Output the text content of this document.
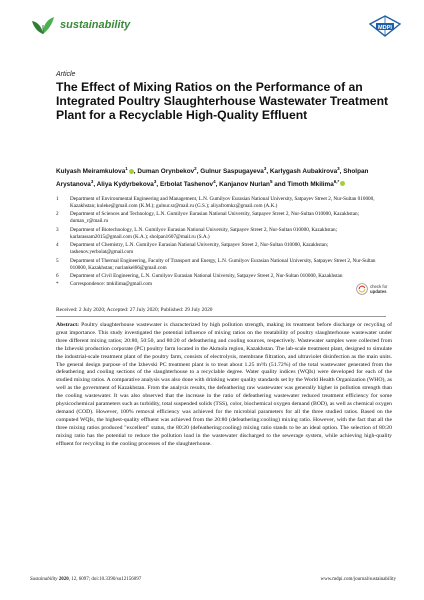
sustainability	MDPI
Article
The Effect of Mixing Ratios on the Performance of an Integrated Poultry Slaughterhouse Wastewater Treatment Plant for a Recyclable High-Quality Effluent
Kulyash Meiramkulova$^1$ , Duman Orynbekov$^2$, Gulnur Saspugayeva$^3$, Karlygash Aubakirova$^3$, Sholpan Arystanova$^3$, Aliya Kydyrbekova$^3$, Erbolat Tashenov$^4$, Kanjanov Nurlan$^5$ and Timoth Mkilima$^{6,*}$
1	Department of Environmental Engineering and Management, L.N. Gumilyov Eurasian National University, Satpayev Street 2, Nur-Sultan 010000, Kazakhstan; kuleke@gmail.com (K.M.); gulnur.sr@mail.ru (G.S.); aliyafromkz@gmail.com (A.K.)
2	Department of Sciences and Technology, L.N. Gumilyov Eurasian National University, Satpayev Street 2, Nur-Sultan 010000, Kazakhstan; duman_r@mail.ru
3	Department of Biotechnology, L.N. Gumilyov Eurasian National University, Satpayev Street 2, Nur-Sultan 010000, Kazakhstan; karlarassam2015@gmail.com (K.A.); sholpan1607@mail.ru (S.A.)
4	Department of Chemistry, L.N. Gumilyov Eurasian National University, Satpayev Street 2, Nur-Sultan 010000, Kazakhstan; tashenov.yerbolat@gmail.com
5	Department of Thermal Engineering, Faculty of Transport and Energy, L.N. Gumilyov Eurasian National University, Satpayev Street 2, Nur-Sultan 010000, Kazakhstan; nurlankel66@gmail.com
6	Department of Civil Engineering, L.N. Gumilyov Eurasian National University, Satpayev Street 2, Nur-Sultan 010000, Kazakhstan
*	Correspondence: tmkilima@gmail.com	check for
updates
Received: 2 July 2020; Accepted: 27 July 2020; Published: 29 July 2020

Abstract: Poultry slaughterhouse wastewater is characterized by high pollution strength, making its treatment before discharge or recycling of great importance. This study investigated the potential influence of mixing ratios on the treatability of poultry slaughterhouse wastewater under three different mixing ratios; 20:80, 50:50, and 80:20 of defeathering and cooling sources, respectively. Wastewater samples were collected from the Izhevski production corporate (PC) poultry farm located in the Akmola region, Kazakhstan. The lab-scale treatment plant, designed to simulate the industrial-scale treatment plant of the poultry farm, consists of electrolysis, membrane filtration, and ultraviolet disinfection as the main units. The general design purpose of the Izhevski PC treatment plant is to treat about 1.25 m³/h (51.72%) of the total wastewater generated from the defeathering and cooling sections of the slaughterhouse to a recyclable degree. Water quality indices (WQIs) were developed for each of the studied mixing ratios. A comparative analysis was also done with drinking water quality standards set by the World Health Organization (WHO), as well as the government of Kazakhstan. From the analysis results, the defeathering raw wastewater was generally higher in pollution strength than the cooling wastewater. It was also observed that the increase in the ratio of defeathering wastewater reduced treatment efficiency for some physicochemical parameters such as turbidity, total suspended solids (TSS), color, biochemical oxygen demand (BOD), as well as chemical oxygen demand (COD). However, 100% removal efficiency was achieved for the microbial parameters for all the three studied ratios. Based on the computed WQIs, the highest-quality effluent was achieved from the 20:80 (defeathering:cooling) mixing ratio. However, with the fact that all the three mixing ratios produced "excellent" status, the 80:20 (defeathering:cooling) mixing ratio stands to be an ideal option. The selection of 80:20 mixing ratio has the potential to reduce the pollution load in the wastewater discharged to the sewerage system, while achieving high-quality effluent for recycling in the cooling processes of the slaughterhouse.

Sustainability 2020, 12, 6097; doi:10.3390/su12156097	www.mdpi.com/journal/sustainability
